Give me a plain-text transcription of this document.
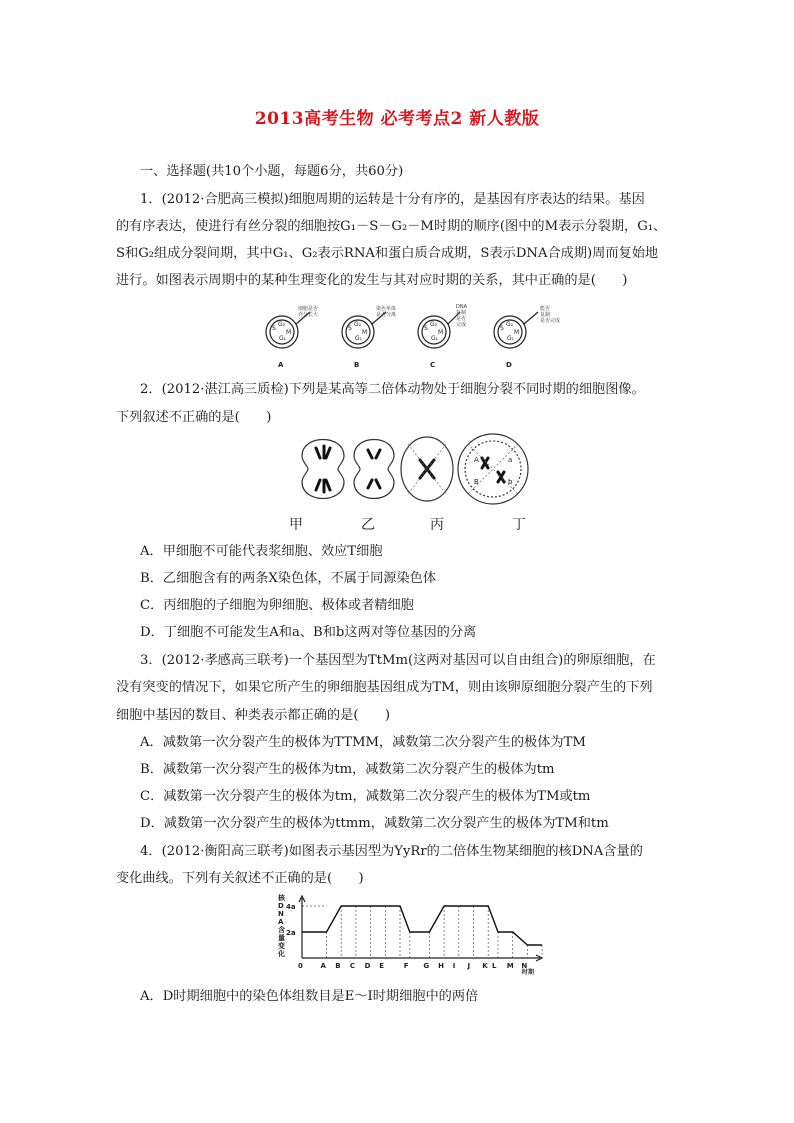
2013高考生物 必考考点2 新人教版
一、选择题(共10个小题，每题6分，共60分)
1．(2012·合肥高三模拟)细胞周期的运转是十分有序的，是基因有序表达的结果。基因
的有序表达，使进行有丝分裂的细胞按G₁－S－G₂－M时期的顺序(图中的M表示分裂期，G₁、
S和G₂组成分裂间期，其中G₁、G₂表示RNA和蛋白质合成期，S表示DNA合成期)周而复始地
进行。如图表示周期中的某种生理变化的发生与其对应时期的关系，其中正确的是(　　)
S
G₂
M
G₁
S
G₂
M
G₁
S
G₂
M
G₁
S
G₂
M
G₁
细胞是否
充分长大
染色单体
是否分离
DNA
复制
是否
完成
能否
复制
是否完成
A	B	C	D
2．(2012·湛江高三质检)下列是某高等二倍体动物处于细胞分裂不同时期的细胞图像。
下列叙述不正确的是(　　)
A	a
B	b
甲	乙	丙	丁
A．甲细胞不可能代表浆细胞、效应T细胞
B．乙细胞含有的两条X染色体，不属于同源染色体
C．丙细胞的子细胞为卵细胞、极体或者精细胞
D．丁细胞不可能发生A和a、B和b这两对等位基因的分离
3．(2012·孝感高三联考)一个基因型为TtMm(这两对基因可以自由组合)的卵原细胞，在
没有突变的情况下，如果它所产生的卵细胞基因组成为TM，则由该卵原细胞分裂产生的下列
细胞中基因的数目、种类表示都正确的是(　　)
A．减数第一次分裂产生的极体为TTMM，减数第二次分裂产生的极体为TM
B．减数第一次分裂产生的极体为tm，减数第二次分裂产生的极体为tm
C．减数第一次分裂产生的极体为tm，减数第二次分裂产生的极体为TM或tm
D．减数第一次分裂产生的极体为ttmm，减数第二次分裂产生的极体为TM和tm
4．(2012·衡阳高三联考)如图表示基因型为YyRr的二倍体生物某细胞的核DNA含量的
变化曲线。下列有关叙述不正确的是(　　)
2a
4a
0
时期
A B C D E	F G H I J K L M N
核 D N A 含量变化
A．D时期细胞中的染色体组数目是E～I时期细胞中的两倍
